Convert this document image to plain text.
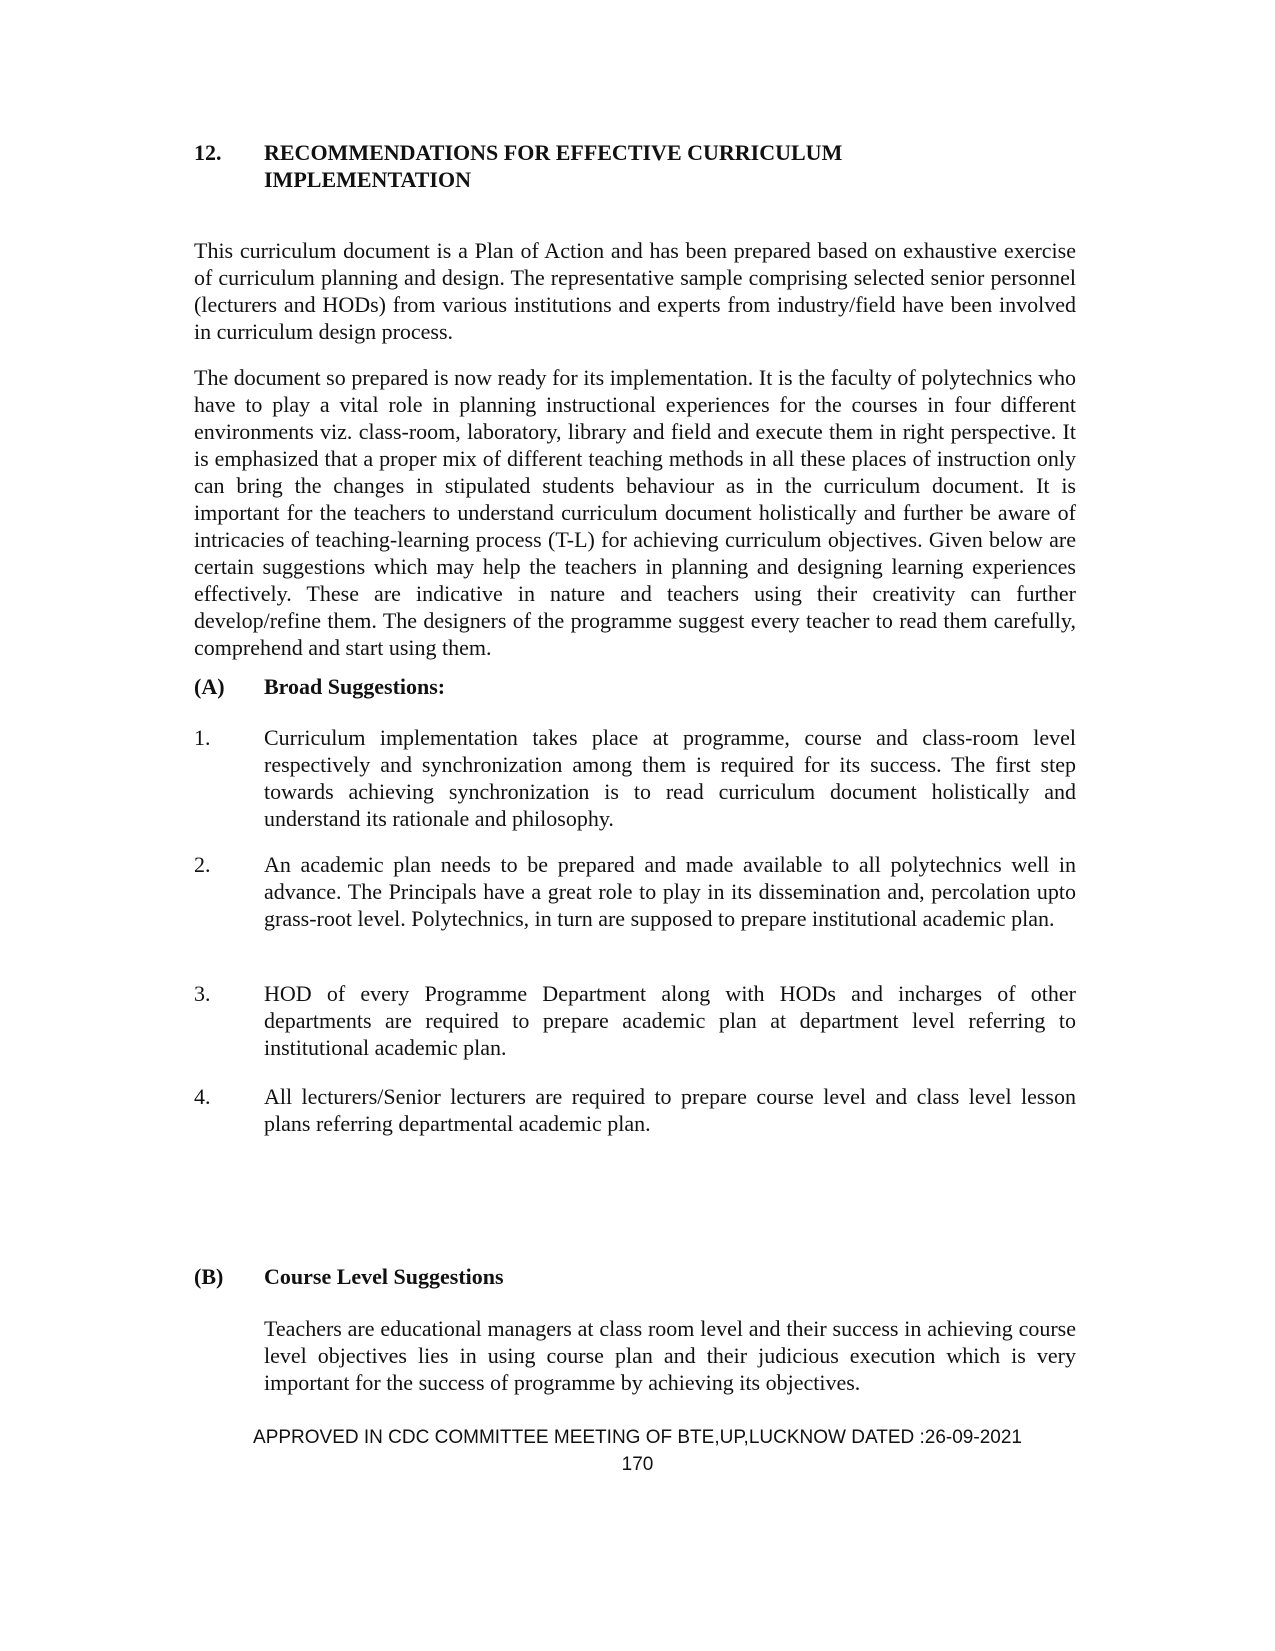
12. RECOMMENDATIONS FOR EFFECTIVE CURRICULUM IMPLEMENTATION

This curriculum document is a Plan of Action and has been prepared based on exhaustive exercise of curriculum planning and design. The representative sample comprising selected senior personnel (lecturers and HODs) from various institutions and experts from industry/field have been involved in curriculum design process.

The document so prepared is now ready for its implementation. It is the faculty of polytechnics who have to play a vital role in planning instructional experiences for the courses in four different environments viz. class-room, laboratory, library and field and execute them in right perspective. It is emphasized that a proper mix of different teaching methods in all these places of instruction only can bring the changes in stipulated students behaviour as in the curriculum document. It is important for the teachers to understand curriculum document holistically and further be aware of intricacies of teaching-learning process (T-L) for achieving curriculum objectives. Given below are certain suggestions which may help the teachers in planning and designing learning experiences effectively. These are indicative in nature and teachers using their creativity can further develop/refine them. The designers of the programme suggest every teacher to read them carefully, comprehend and start using them.

(A) Broad Suggestions:
1. Curriculum implementation takes place at programme, course and class-room level respectively and synchronization among them is required for its success. The first step towards achieving synchronization is to read curriculum document holistically and understand its rationale and philosophy.
2. An academic plan needs to be prepared and made available to all polytechnics well in advance. The Principals have a great role to play in its dissemination and, percolation upto grass-root level. Polytechnics, in turn are supposed to prepare institutional academic plan.
3. HOD of every Programme Department along with HODs and incharges of other departments are required to prepare academic plan at department level referring to institutional academic plan.
4. All lecturers/Senior lecturers are required to prepare course level and class level lesson plans referring departmental academic plan.
(B) Course Level Suggestions

Teachers are educational managers at class room level and their success in achieving course level objectives lies in using course plan and their judicious execution which is very important for the success of programme by achieving its objectives.

APPROVED IN CDC COMMITTEE MEETING OF BTE,UP,LUCKNOW DATED :26-09-2021
170
